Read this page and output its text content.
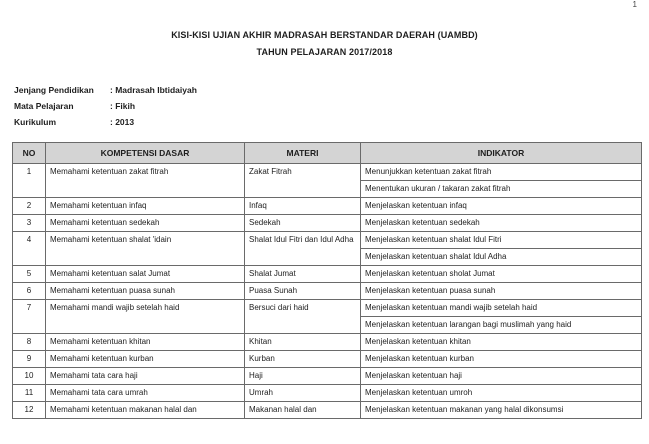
1
KISI-KISI UJIAN AKHIR MADRASAH BERSTANDAR DAERAH (UAMBD)
TAHUN PELAJARAN 2017/2018
Jenjang Pendidikan : Madrasah Ibtidaiyah
Mata Pelajaran	: Fikih
Kurikulum	: 2013
NO	KOMPETENSI DASAR	MATERI	INDIKATOR
1	Memahami ketentuan zakat fitrah	Zakat Fitrah	Menunjukkan ketentuan zakat fitrah
			Menentukan ukuran / takaran zakat fitrah
2	Memahami ketentuan infaq	Infaq	Menjelaskan ketentuan infaq
3	Memahami ketentuan sedekah	Sedekah	Menjelaskan ketentuan sedekah
4	Memahami ketentuan shalat 'idain	Shalat Idul Fitri dan Idul Adha	Menjelaskan ketentuan shalat Idul Fitri
			Menjelaskan ketentuan shalat Idul Adha
5	Memahami ketentuan salat Jumat	Shalat Jumat	Menjelaskan ketentuan sholat Jumat
6	Memahami ketentuan puasa sunah	Puasa Sunah	Menjelaskan ketentuan puasa sunah
7	Memahami mandi wajib setelah haid	Bersuci dari haid	Menjelaskan ketentuan mandi wajib setelah haid
			Menjelaskan ketentuan larangan bagi muslimah yang haid
8	Memahami ketentuan khitan	Khitan	Menjelaskan ketentuan khitan
9	Memahami ketentuan kurban	Kurban	Menjelaskan ketentuan kurban
10	Memahami tata cara haji	Haji	Menjelaskan ketentuan haji
11	Memahami tata cara umrah	Umrah	Menjelaskan ketentuan umroh
12	Memahami ketentuan makanan halal dan	Makanan halal dan	Menjelaskan ketentuan makanan yang halal dikonsumsi
